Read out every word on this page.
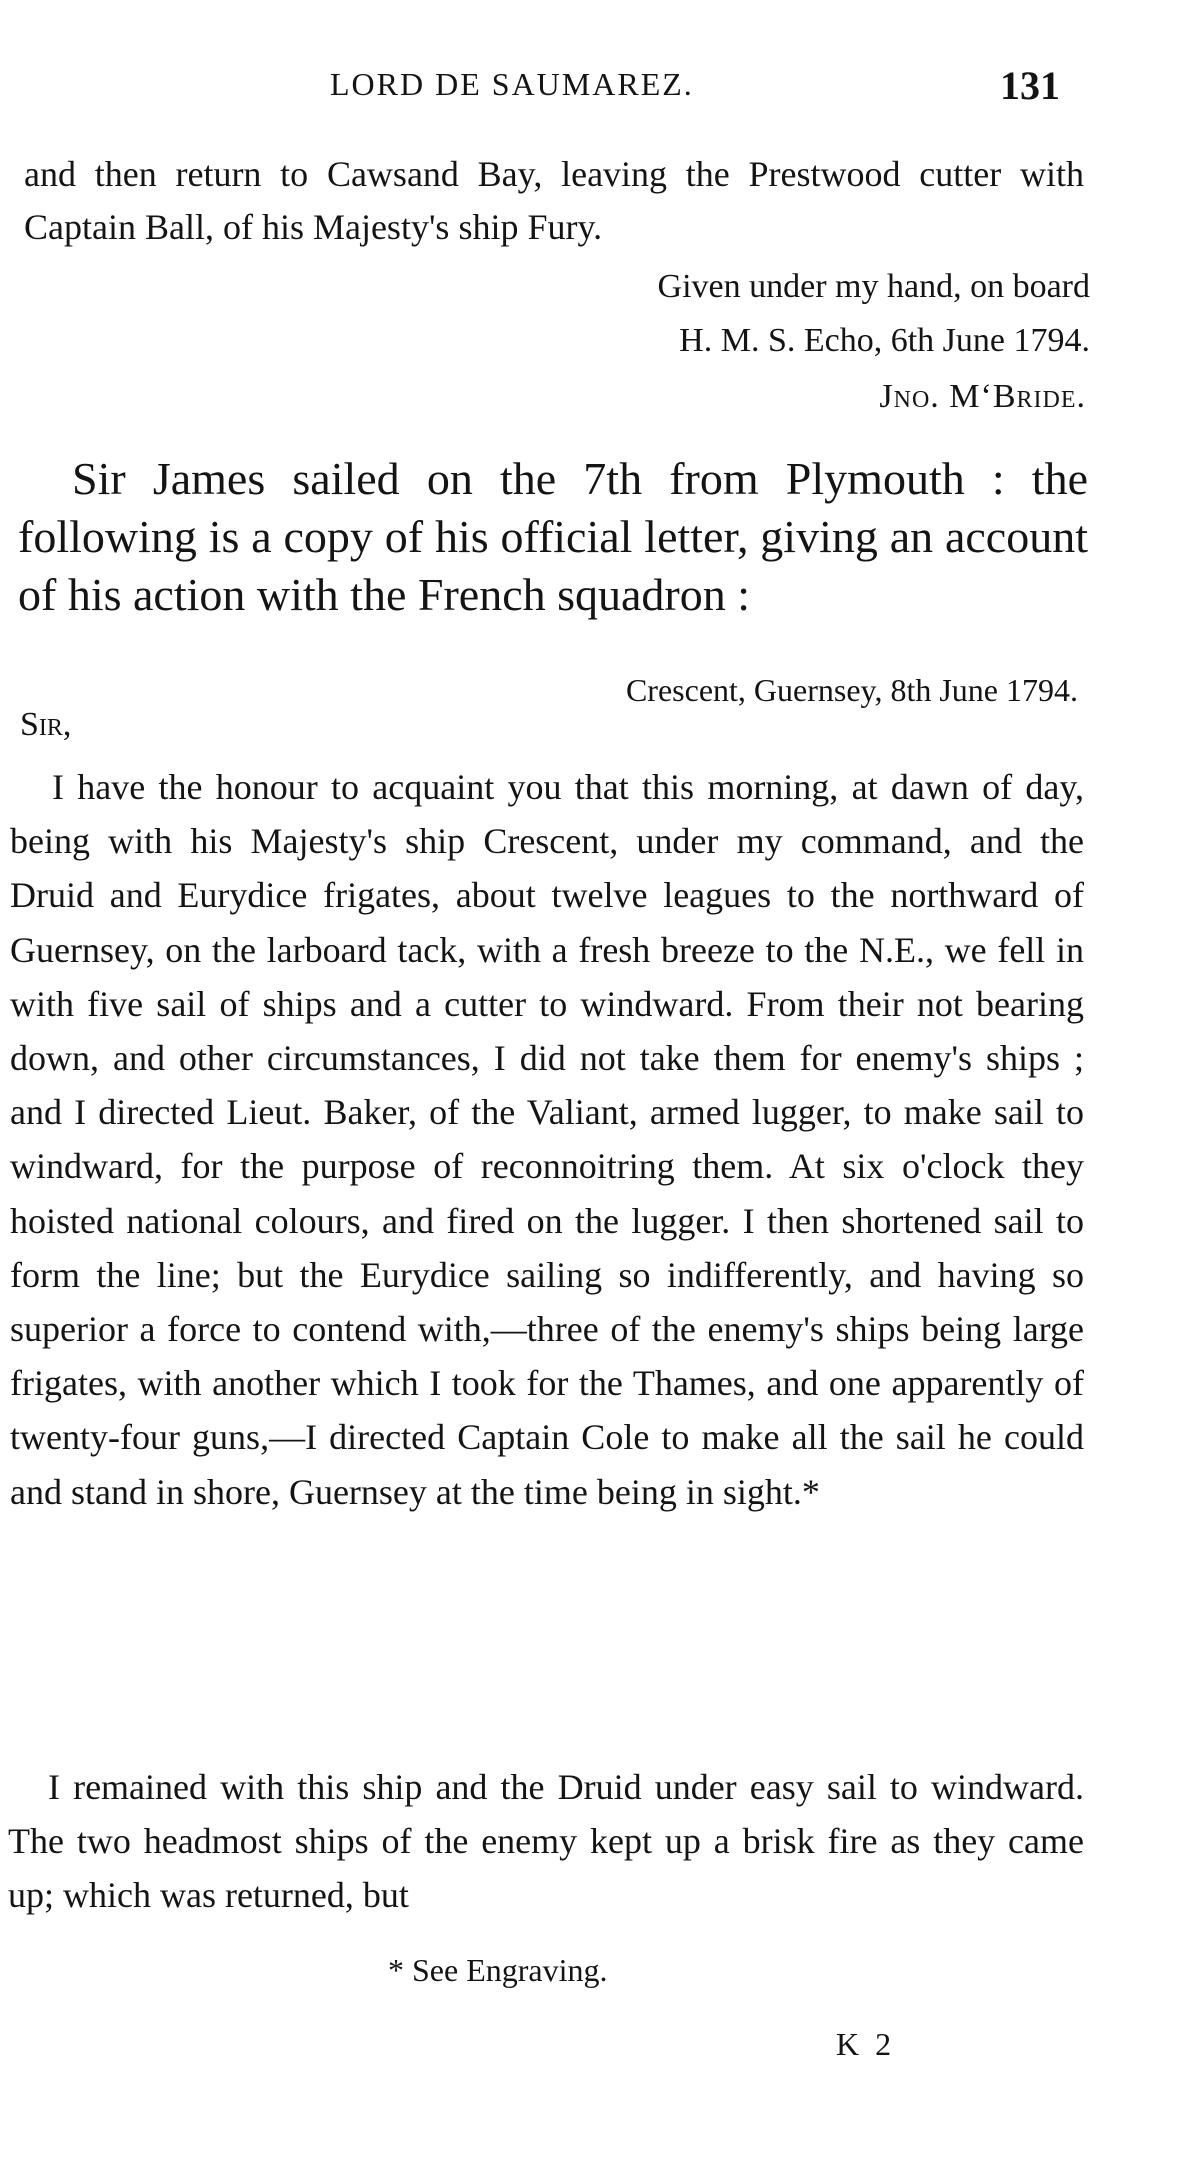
LORD DE SAUMAREZ.	131

and then return to Cawsand Bay, leaving the Prestwood cutter with Captain Ball, of his Majesty's ship Fury.

Given under my hand, on board

H. M. S. Echo, 6th June 1794.

Jno. M‘Bride.

Sir James sailed on the 7th from Plymouth : the following is a copy of his official letter, giving an account of his action with the French squadron :

Crescent, Guernsey, 8th June 1794.

Sir,

I have the honour to acquaint you that this morning, at dawn of day, being with his Majesty's ship Crescent, under my command, and the Druid and Eurydice frigates, about twelve leagues to the northward of Guernsey, on the larboard tack, with a fresh breeze to the N.E., we fell in with five sail of ships and a cutter to windward. From their not bearing down, and other circumstances, I did not take them for enemy's ships ; and I directed Lieut. Baker, of the Valiant, armed lugger, to make sail to windward, for the purpose of reconnoitring them. At six o'clock they hoisted national colours, and fired on the lugger. I then shortened sail to form the line; but the Eurydice sailing so indifferently, and having so superior a force to contend with,—three of the enemy's ships being large frigates, with another which I took for the Thames, and one apparently of twenty-four guns,—I directed Captain Cole to make all the sail he could and stand in shore, Guernsey at the time being in sight.*

I remained with this ship and the Druid under easy sail to windward. The two headmost ships of the enemy kept up a brisk fire as they came up; which was returned, but

* See Engraving.

K 2
